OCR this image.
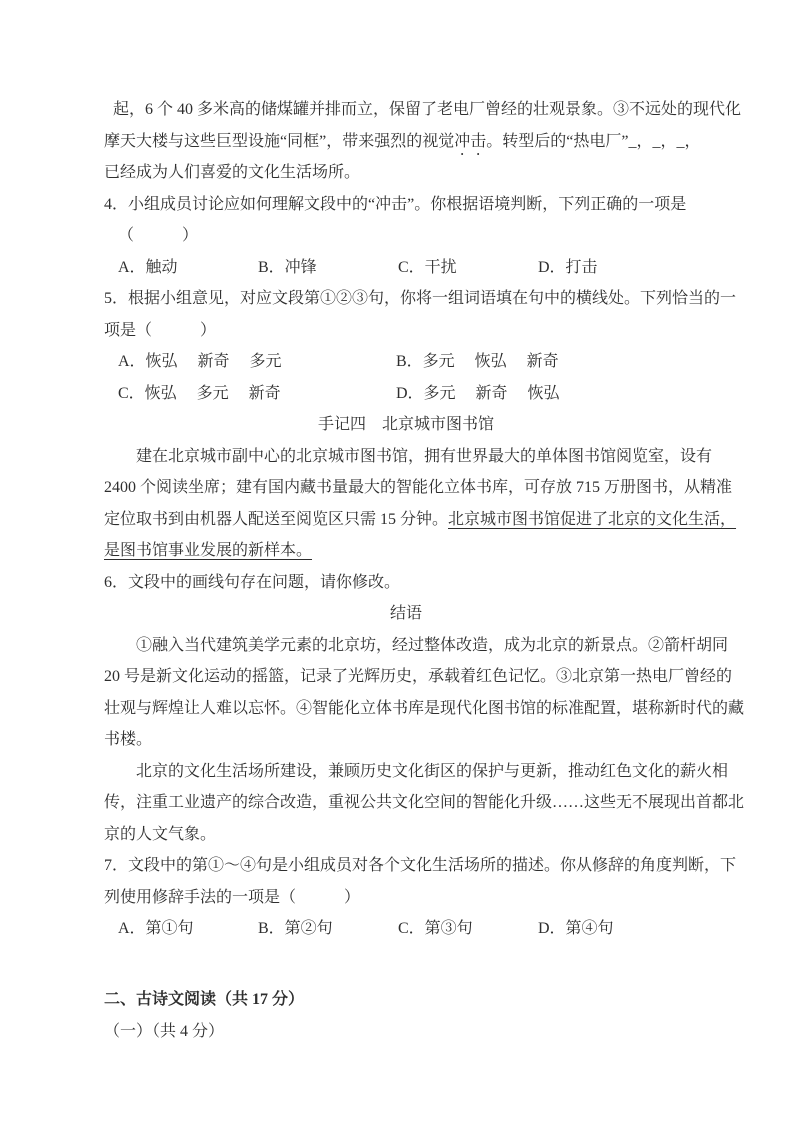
起，6 个 40 多米高的储煤罐并排而立，保留了老电厂曾经的壮观景象。③不远处的现代化
摩天大楼与这些巨型设施“同框”，带来强烈的视觉冲击。转型后的“热电厂”_，_，_，
已经成为人们喜爱的文化生活场所。
4．小组成员讨论应如何理解文段中的“冲击”。你根据语境判断，下列正确的一项是
（　　　）
A．触动	B．冲锋	C．干扰	D．打击
5．根据小组意见，对应文段第①②③句，你将一组词语填在句中的横线处。下列恰当的一
项是（　　　）
A．恢弘　 新奇　 多元	B．多元　 恢弘　 新奇
C．恢弘　 多元　 新奇	D．多元　 新奇　 恢弘
手记四　北京城市图书馆
建在北京城市副中心的北京城市图书馆，拥有世界最大的单体图书馆阅览室，设有
2400 个阅读坐席；建有国内藏书量最大的智能化立体书库，可存放 715 万册图书，从精准
定位取书到由机器人配送至阅览区只需 15 分钟。北京城市图书馆促进了北京的文化生活，
是图书馆事业发展的新样本。
6．文段中的画线句存在问题，请你修改。
结语
①融入当代建筑美学元素的北京坊，经过整体改造，成为北京的新景点。②箭杆胡同
20 号是新文化运动的摇篮，记录了光辉历史，承载着红色记忆。③北京第一热电厂曾经的
壮观与辉煌让人难以忘怀。④智能化立体书库是现代化图书馆的标准配置，堪称新时代的藏
书楼。
北京的文化生活场所建设，兼顾历史文化街区的保护与更新，推动红色文化的薪火相
传，注重工业遗产的综合改造，重视公共文化空间的智能化升级……这些无不展现出首都北
京的人文气象。
7．文段中的第①～④句是小组成员对各个文化生活场所的描述。你从修辞的角度判断，下
列使用修辞手法的一项是（　　　）
A．第①句	B．第②句	C．第③句	D．第④句
二、古诗文阅读（共 17 分）
（一）（共 4 分）
